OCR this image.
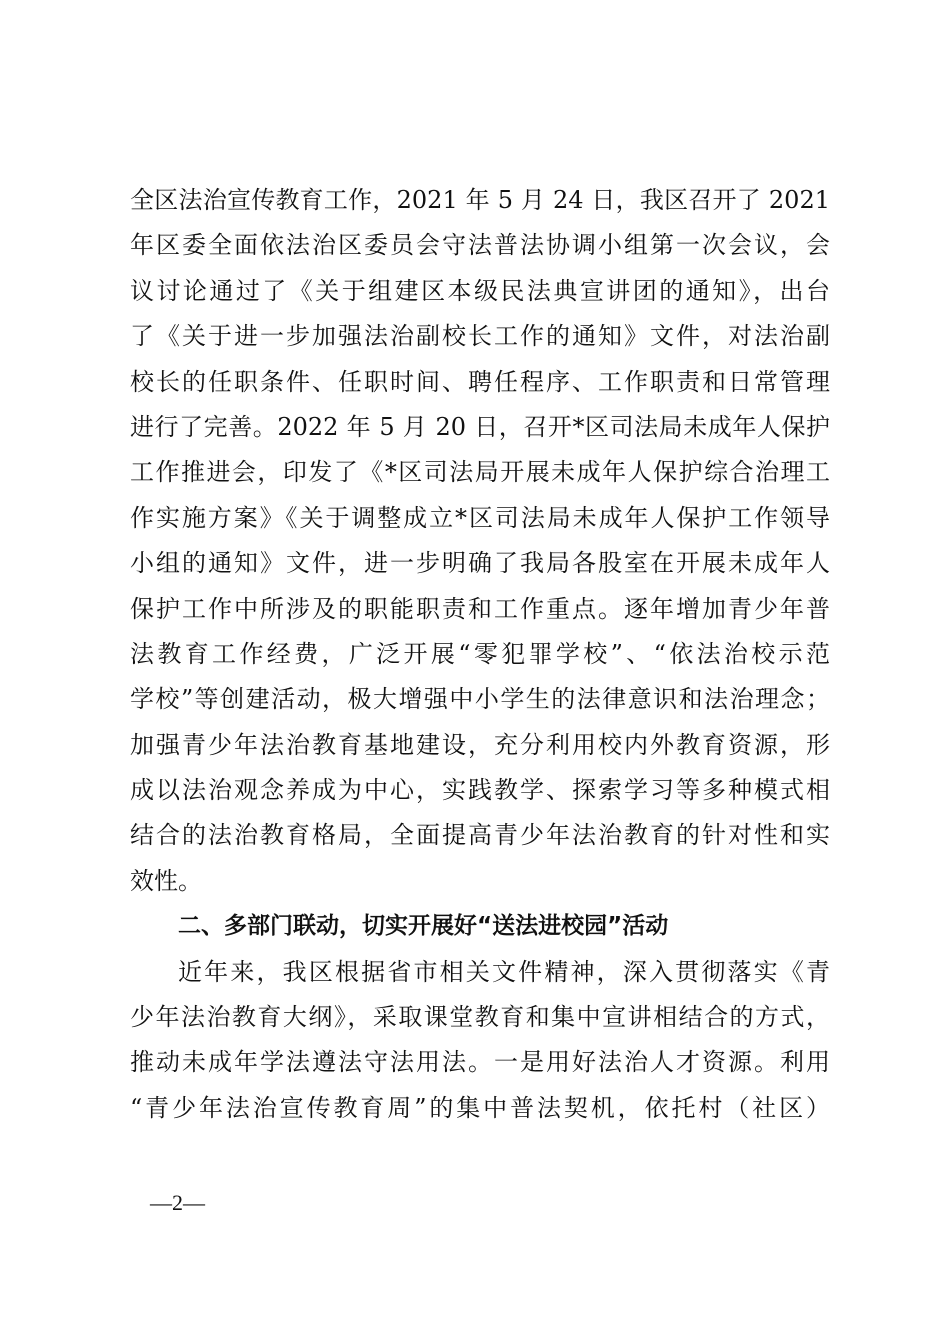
全区法治宣传教育工作，2021 年 5 月 24 日，我区召开了 2021
年区委全面依法治区委员会守法普法协调小组第一次会议，会
议讨论通过了《关于组建区本级民法典宣讲团的通知》，出台
了《关于进一步加强法治副校长工作的通知》文件，对法治副
校长的任职条件、任职时间、聘任程序、工作职责和日常管理
进行了完善。2022 年 5 月 20 日，召开*区司法局未成年人保护
工作推进会，印发了《*区司法局开展未成年人保护综合治理工
作实施方案》《关于调整成立*区司法局未成年人保护工作领导
小组的通知》文件，进一步明确了我局各股室在开展未成年人
保护工作中所涉及的职能职责和工作重点。逐年增加青少年普
法教育工作经费，广泛开展“零犯罪学校”、“依法治校示范
学校”等创建活动，极大增强中小学生的法律意识和法治理念；
加强青少年法治教育基地建设，充分利用校内外教育资源，形
成以法治观念养成为中心，实践教学、探索学习等多种模式相
结合的法治教育格局，全面提高青少年法治教育的针对性和实
效性。
二、多部门联动，切实开展好“送法进校园”活动
近年来，我区根据省市相关文件精神，深入贯彻落实《青
少年法治教育大纲》，采取课堂教育和集中宣讲相结合的方式，
推动未成年学法遵法守法用法。一是用好法治人才资源。利用
“青少年法治宣传教育周”的集中普法契机，依托村（社区）
—2—
